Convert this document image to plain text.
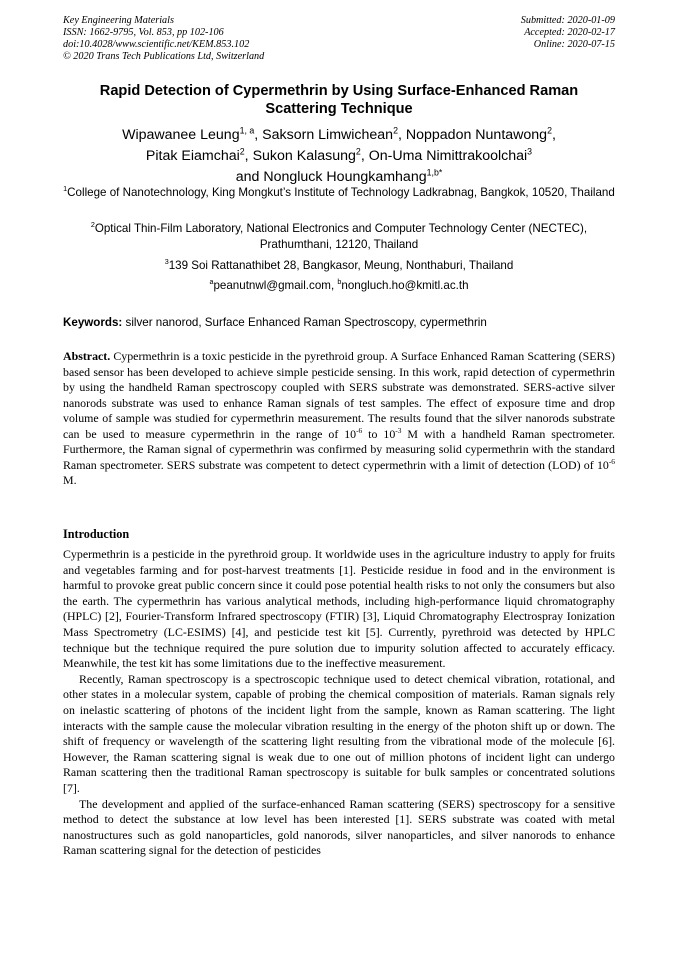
Key Engineering Materials
ISSN: 1662-9795, Vol. 853, pp 102-106
doi:10.4028/www.scientific.net/KEM.853.102
© 2020 Trans Tech Publications Ltd, Switzerland
Submitted: 2020-01-09
Accepted: 2020-02-17
Online: 2020-07-15
Rapid Detection of Cypermethrin by Using Surface-Enhanced Raman
Scattering Technique
Wipawanee Leung$^{1, a}$, Saksorn Limwichean$^2$, Noppadon Nuntawong$^2$,
Pitak Eiamchai$^2$, Sukon Kalasung$^2$, On-Uma Nimittrakoolchai$^3$
and Nongluck Houngkamhang$^{1,b*}$
$^1$College of Nanotechnology, King Mongkut’s Institute of Technology Ladkrabnag, Bangkok, 10520, Thailand
$^2$Optical Thin-Film Laboratory, National Electronics and Computer Technology Center (NECTEC), Prathumthani, 12120, Thailand
$^3$139 Soi Rattanathibet 28, Bangkasor, Meung, Nonthaburi, Thailand
$^a$peanutnwl@gmail.com, $^b$nongluch.ho@kmitl.ac.th
Keywords: silver nanorod, Surface Enhanced Raman Spectroscopy, cypermethrin
Abstract. Cypermethrin is a toxic pesticide in the pyrethroid group. A Surface Enhanced Raman Scattering (SERS) based sensor has been developed to achieve simple pesticide sensing. In this work, rapid detection of cypermethrin by using the handheld Raman spectroscopy coupled with SERS substrate was demonstrated. SERS-active silver nanorods substrate was used to enhance Raman signals of test samples. The effect of exposure time and drop volume of sample was studied for cypermethrin measurement. The results found that the silver nanorods substrate can be used to measure cypermethrin in the range of $10^{-6}$ to $10^{-3}$ M with a handheld Raman spectrometer. Furthermore, the Raman signal of cypermethrin was confirmed by measuring solid cypermethrin with the standard Raman spectrometer. SERS substrate was competent to detect cypermethrin with a limit of detection (LOD) of $10^{-6}$ M.
Introduction

Cypermethrin is a pesticide in the pyrethroid group. It worldwide uses in the agriculture industry to apply for fruits and vegetables farming and for post-harvest treatments [1]. Pesticide residue in food and in the environment is harmful to provoke great public concern since it could pose potential health risks to not only the consumers but also the earth. The cypermethrin has various analytical methods, including high-performance liquid chromatography (HPLC) [2], Fourier-Transform Infrared spectroscopy (FTIR) [3], Liquid Chromatography Electrospray Ionization Mass Spectrometry (LC-ESIMS) [4], and pesticide test kit [5]. Currently, pyrethroid was detected by HPLC technique but the technique required the pure solution due to impurity solution affected to accurately efficacy. Meanwhile, the test kit has some limitations due to the ineffective measurement.

Recently, Raman spectroscopy is a spectroscopic technique used to detect chemical vibration, rotational, and other states in a molecular system, capable of probing the chemical composition of materials. Raman signals rely on inelastic scattering of photons of the incident light from the sample, known as Raman scattering. The light interacts with the sample cause the molecular vibration resulting in the energy of the photon shift up or down. The shift of frequency or wavelength of the scattering light resulting from the vibrational mode of the molecule [6]. However, the Raman scattering signal is weak due to one out of million photons of incident light can undergo Raman scattering then the traditional Raman spectroscopy is suitable for bulk samples or concentrated solutions [7].

The development and applied of the surface-enhanced Raman scattering (SERS) spectroscopy for a sensitive method to detect the substance at low level has been interested [1]. SERS substrate was coated with metal nanostructures such as gold nanoparticles, gold nanorods, silver nanoparticles, and silver nanorods to enhance Raman scattering signal for the detection of pesticides
